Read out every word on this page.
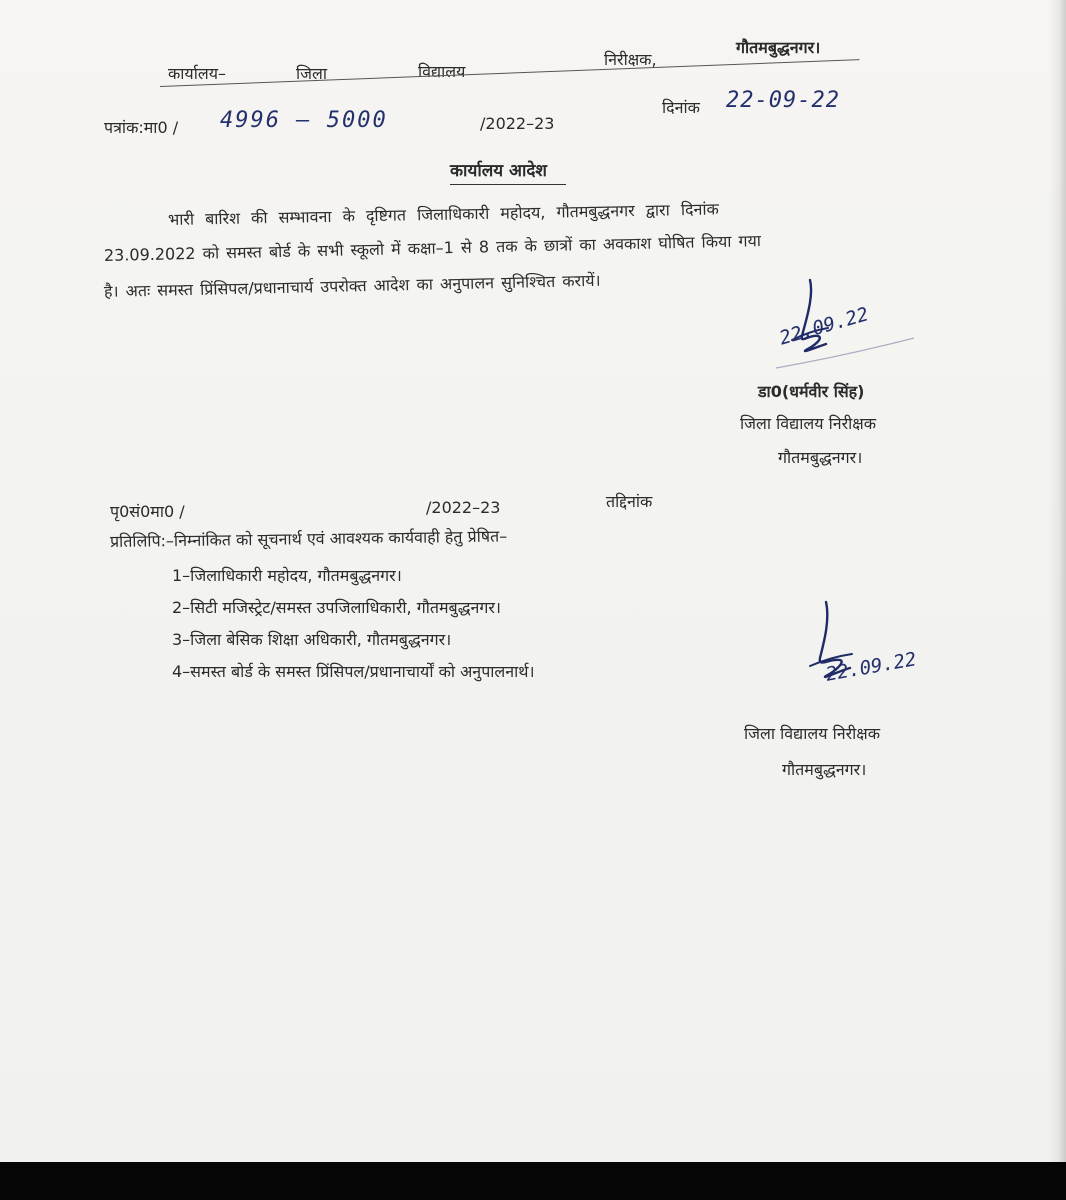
कार्यालय–	जिला	विद्यालय
निरीक्षक,
गौतमबुद्धनगर।
पत्रांक:मा0 / 4996 – 5000	/2022–23
दिनांक 22-09-22
कार्यालय आदेश
भारी बारिश की सम्भावना के दृष्टिगत जिलाधिकारी महोदय, गौतमबुद्धनगर द्वारा दिनांक
23.09.2022 को समस्त बोर्ड के सभी स्कूलो में कक्षा–1 से 8 तक के छात्रों का अवकाश घोषित किया गया
है। अतः समस्त प्रिंसिपल/प्रधानाचार्य उपरोक्त आदेश का अनुपालन सुनिश्चित करायें।
22.09.22
डा0(धर्मवीर सिंह)
जिला विद्यालय निरीक्षक
गौतमबुद्धनगर।
पृ0सं0मा0 /	/2022–23	तद्दिनांक
प्रतिलिपि:–निम्नांकित को सूचनार्थ एवं आवश्यक कार्यवाही हेतु प्रेषित–
1–जिलाधिकारी महोदय, गौतमबुद्धनगर।
2–सिटी मजिस्ट्रेट/समस्त उपजिलाधिकारी, गौतमबुद्धनगर।
3–जिला बेसिक शिक्षा अधिकारी, गौतमबुद्धनगर।
4–समस्त बोर्ड के समस्त प्रिंसिपल/प्रधानाचार्यों को अनुपालनार्थ।	22.09.22
जिला विद्यालय निरीक्षक
गौतमबुद्धनगर।
